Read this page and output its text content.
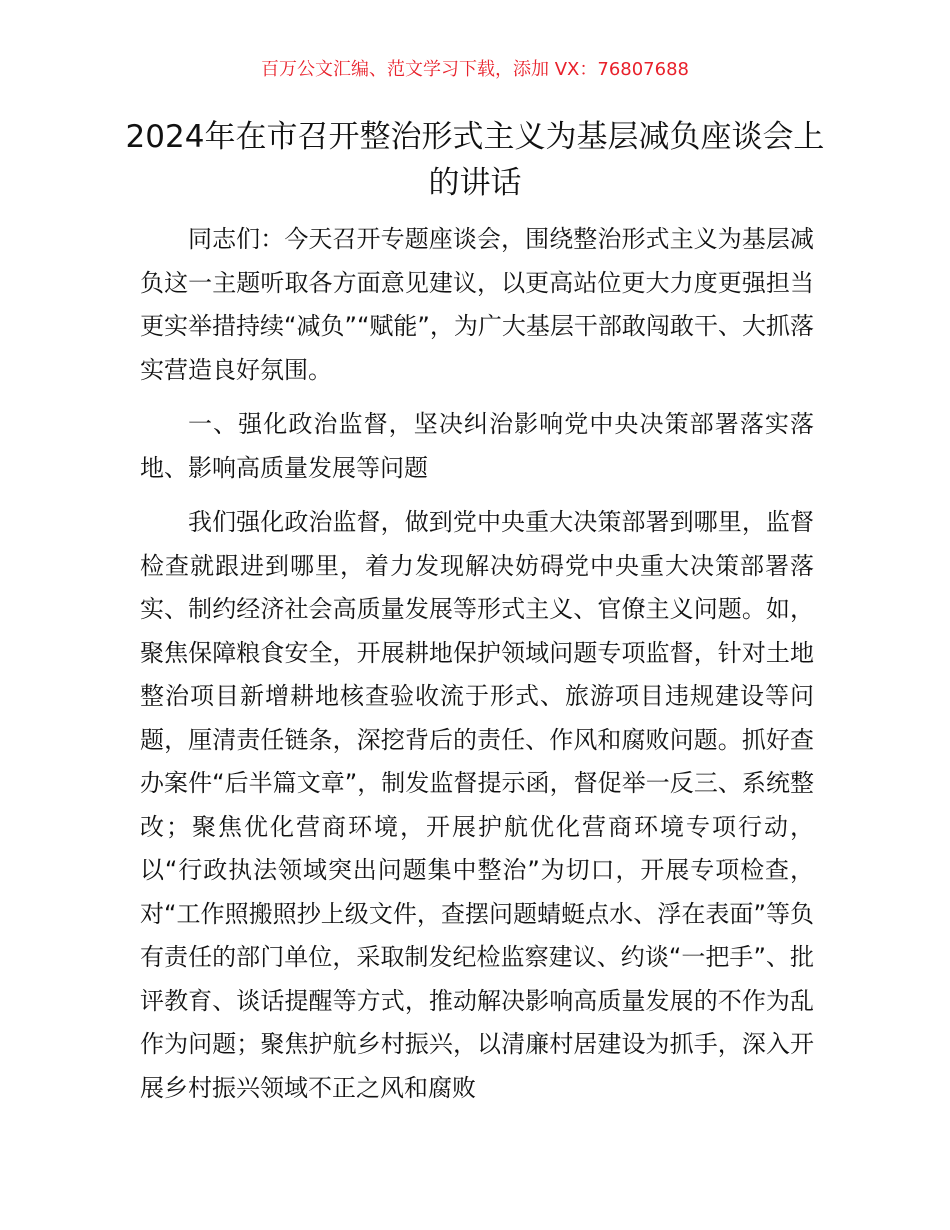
百万公文汇编、范文学习下载，添加 VX：76807688
2024年在市召开整治形式主义为基层减负座谈会上的讲话

同志们：今天召开专题座谈会，围绕整治形式主义为基层减负这一主题听取各方面意见建议，以更高站位更大力度更强担当更实举措持续“减负”“赋能”，为广大基层干部敢闯敢干、大抓落实营造良好氛围。

一、强化政治监督，坚决纠治影响党中央决策部署落实落地、影响高质量发展等问题

我们强化政治监督，做到党中央重大决策部署到哪里，监督检查就跟进到哪里，着力发现解决妨碍党中央重大决策部署落实、制约经济社会高质量发展等形式主义、官僚主义问题。如，聚焦保障粮食安全，开展耕地保护领域问题专项监督，针对土地整治项目新增耕地核查验收流于形式、旅游项目违规建设等问题，厘清责任链条，深挖背后的责任、作风和腐败问题。抓好查办案件“后半篇文章”，制发监督提示函，督促举一反三、系统整改；聚焦优化营商环境，开展护航优化营商环境专项行动，以“行政执法领域突出问题集中整治”为切口，开展专项检查，对“工作照搬照抄上级文件，查摆问题蜻蜓点水、浮在表面”等负有责任的部门单位，采取制发纪检监察建议、约谈“一把手”、批评教育、谈话提醒等方式，推动解决影响高质量发展的不作为乱作为问题；聚焦护航乡村振兴，以清廉村居建设为抓手，深入开展乡村振兴领域不正之风和腐败
